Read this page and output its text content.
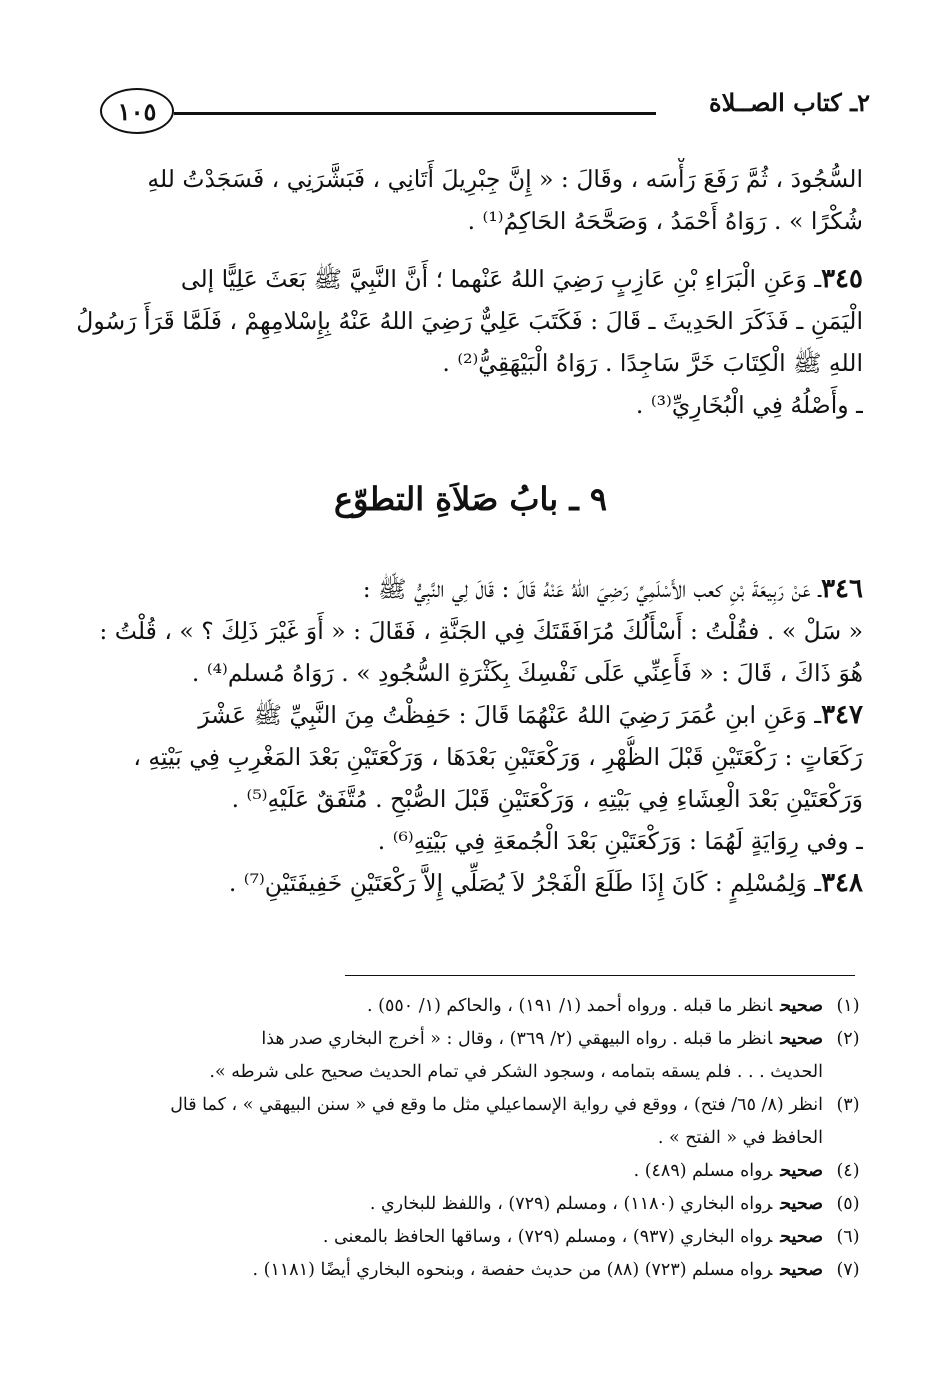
٢ـ كتاب الصــلاة
١٠٥
السُّجُودَ ، ثُمَّ رَفَعَ رَأْسَه ، وقَالَ : « إِنَّ جِبْرِيلَ أَتَانِي ، فَبَشَّرَنِي ، فَسَجَدْتُ للهِ
شُكْرًا » . رَوَاهُ أَحْمَدُ ، وَصَحَّحَهُ الحَاكِمُ⁽¹⁾ .
٣٤٥ـ وَعَنِ الْبَرَاءِ بْنِ عَازِبٍ رَضِيَ اللهُ عَنْهما ؛ أَنَّ النَّبِيَّ ﷺ بَعَثَ عَلِيًّا إلى
الْيَمَنِ ـ فَذَكَرَ الحَدِيثَ ـ قَالَ : فَكَتَبَ عَلِيٌّ رَضِيَ اللهُ عَنْهُ بِإِسْلامِهِمْ ، فَلَمَّا قَرَأَ رَسُولُ
اللهِ ﷺ الْكِتَابَ خَرَّ سَاجِدًا . رَوَاهُ الْبَيْهَقِيُّ⁽²⁾ .
ـ وأَصْلُهُ فِي الْبُخَارِيِّ⁽³⁾ .
٩ ـ بابُ صَلاَةِ التطوّع
٣٤٦ـ عَنْ رَبِيعَةَ بْنِ كعب الأَسْلَمِيِّ رَضِيَ اللهُ عَنْهُ قَالَ : قَالَ لِي النَّبِيُّ ﷺ :
« سَلْ » . فقُلْتُ : أَسْأَلُكَ مُرَافَقَتَكَ فِي الجَنَّةِ ، فَقَالَ : « أَوَ غَيْرَ ذَلِكَ ؟ » ، قُلْتُ :
هُوَ ذَاكَ ، قَالَ : « فَأَعِنِّي عَلَى نَفْسِكَ بِكَثْرَةِ السُّجُودِ » . رَوَاهُ مُسلم⁽⁴⁾ .
٣٤٧ـ وَعَنِ ابنِ عُمَرَ رَضِيَ اللهُ عَنْهُمَا قَالَ : حَفِظْتُ مِنَ النَّبِيِّ ﷺ عَشْرَ
رَكَعَاتٍ : رَكْعَتَيْنِ قَبْلَ الظُّهْرِ ، وَرَكْعَتَيْنِ بَعْدَهَا ، وَرَكْعَتَيْنِ بَعْدَ المَغْرِبِ فِي بَيْتِهِ ،
وَرَكْعَتَيْنِ بَعْدَ الْعِشَاءِ فِي بَيْتِهِ ، وَرَكْعَتَيْنِ قَبْلَ الصُّبْحِ . مُتَّفَقٌ عَلَيْهِ⁽⁵⁾ .
ـ وفي رِوَايَةٍ لَهُمَا : وَرَكْعَتَيْنِ بَعْدَ الْجُمعَةِ فِي بَيْتِهِ⁽⁶⁾ .
٣٤٨ـ وَلِمُسْلِمٍ : كَانَ إِذَا طَلَعَ الْفَجْرُ لاَ يُصَلِّي إِلاَّ رَكْعَتَيْنِ خَفِيفَتَيْنِ⁽⁷⁾ .
(١)
صحيحانظر ما قبله . ورواه أحمد (١/ ١٩١) ، والحاكم (١/ ٥٥٠) .
(٢)
صحيحانظر ما قبله . رواه البيهقي (٢/ ٣٦٩) ، وقال : « أخرج البخاري صدر هذا
الحديث . . . فلم يسقه بتمامه ، وسجود الشكر في تمام الحديث صحيح على شرطه ».
(٣)
انظر (٨/ ٦٥/ فتح) ، ووقع في رواية الإسماعيلي مثل ما وقع في « سنن البيهقي » ، كما قال
الحافظ في « الفتح » .
(٤)
صحيحرواه مسلم (٤٨٩) .
(٥)
صحيحرواه البخاري (١١٨٠) ، ومسلم (٧٢٩) ، واللفظ للبخاري .
(٦)
صحيحرواه البخاري (٩٣٧) ، ومسلم (٧٢٩) ، وساقها الحافظ بالمعنى .
(٧)
صحيحرواه مسلم (٧٢٣) (٨٨) من حديث حفصة ، وبنحوه البخاري أيضًا (١١٨١) .
